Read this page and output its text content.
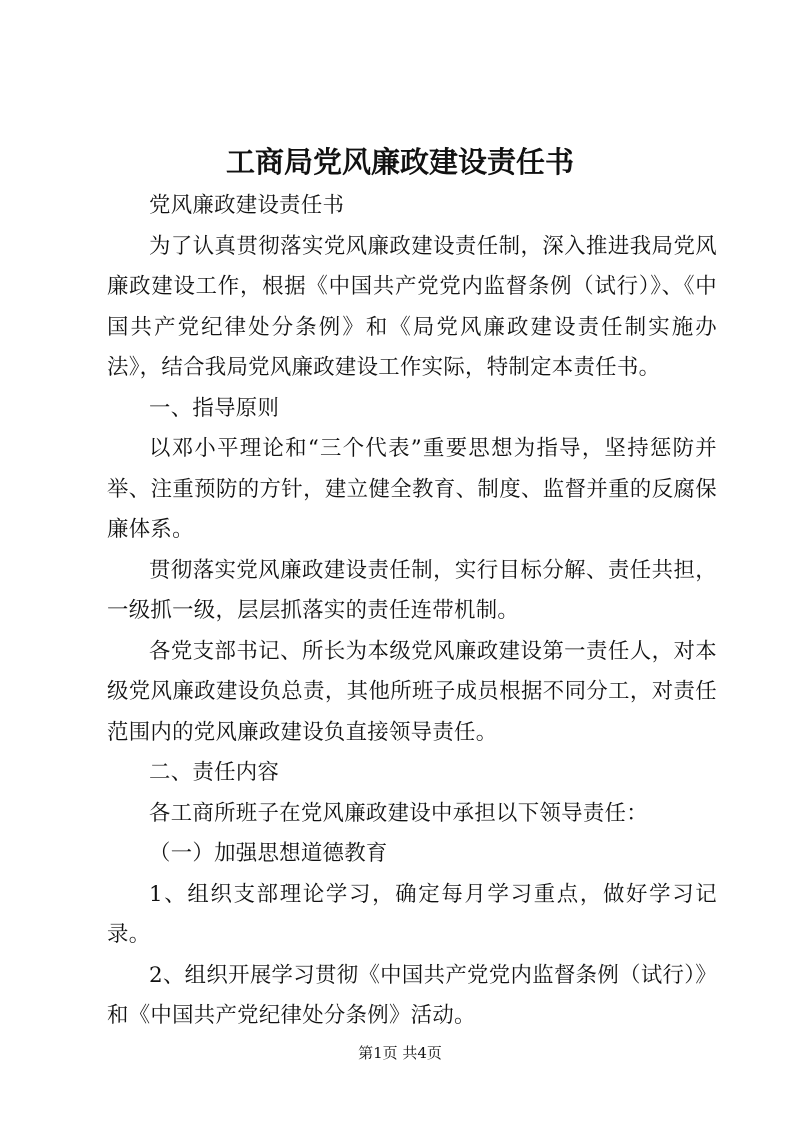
工商局党风廉政建设责任书

党风廉政建设责任书

为了认真贯彻落实党风廉政建设责任制，深入推进我局党风廉政建设工作，根据《中国共产党党内监督条例（试行）》、《中国共产党纪律处分条例》和《局党风廉政建设责任制实施办法》，结合我局党风廉政建设工作实际，特制定本责任书。

一、指导原则

以邓小平理论和“三个代表”重要思想为指导，坚持惩防并举、注重预防的方针，建立健全教育、制度、监督并重的反腐保廉体系。

贯彻落实党风廉政建设责任制，实行目标分解、责任共担，一级抓一级，层层抓落实的责任连带机制。

各党支部书记、所长为本级党风廉政建设第一责任人，对本级党风廉政建设负总责，其他所班子成员根据不同分工，对责任范围内的党风廉政建设负直接领导责任。

二、责任内容

各工商所班子在党风廉政建设中承担以下领导责任：

（一）加强思想道德教育

1、组织支部理论学习，确定每月学习重点，做好学习记录。

2、组织开展学习贯彻《中国共产党党内监督条例（试行）》和《中国共产党纪律处分条例》活动。

第1页 共4页
